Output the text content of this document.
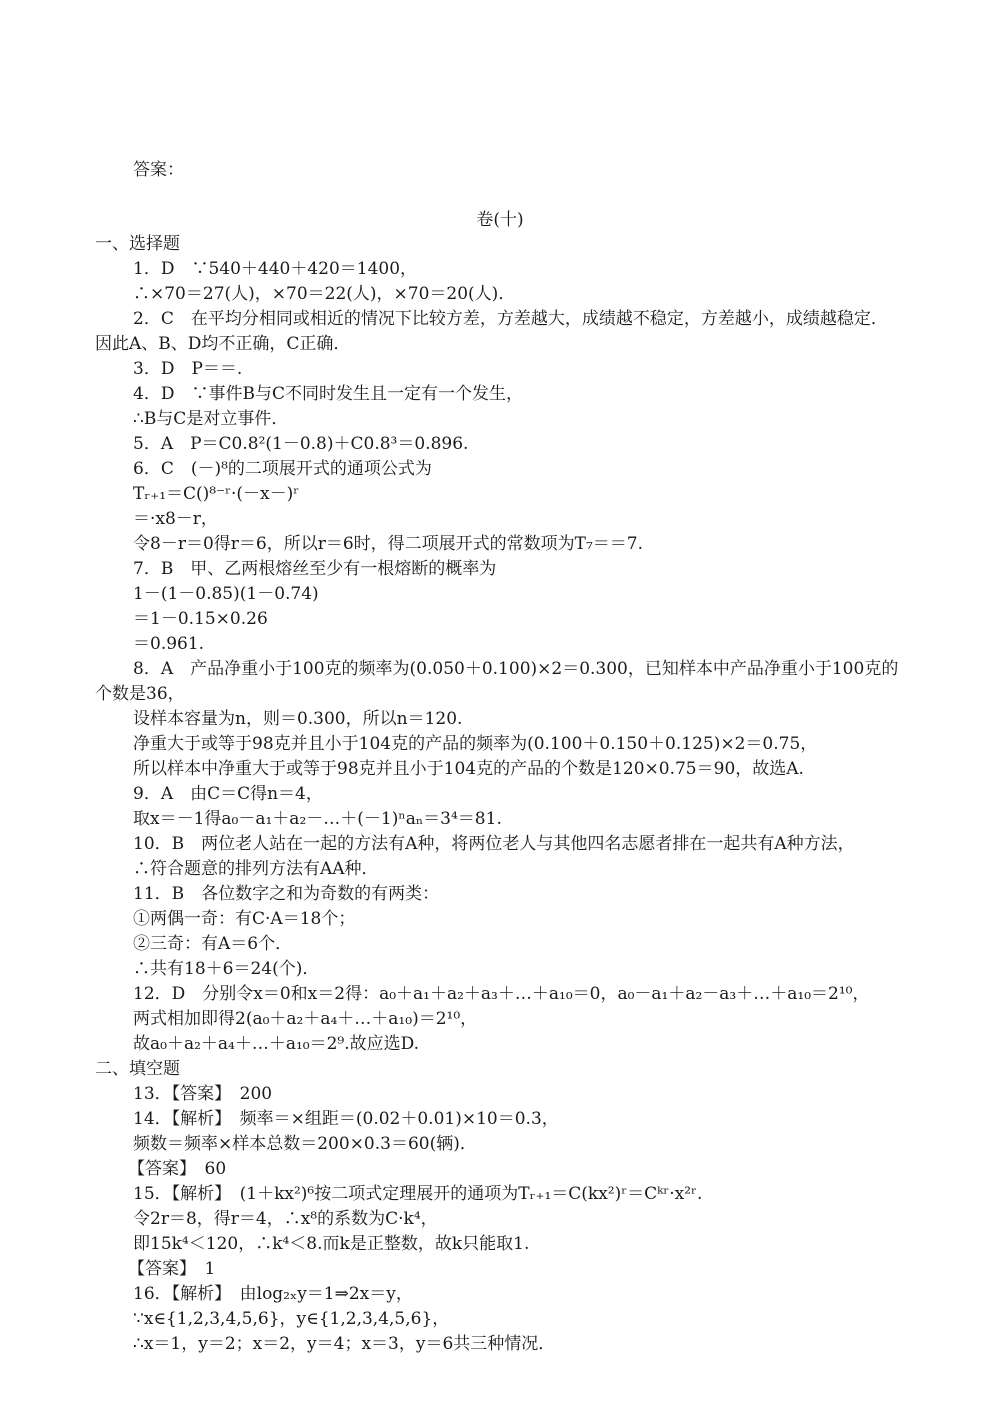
答案：
卷(十)
一、选择题
1．D　∵540＋440＋420＝1400，
∴×70＝27(人)，×70＝22(人)，×70＝20(人)．
2．C　在平均分相同或相近的情况下比较方差，方差越大，成绩越不稳定，方差越小，成绩越稳定．
因此A、B、D均不正确，C正确．
3．D　P＝＝.
4．D　∵事件B与C不同时发生且一定有一个发生，
∴B与C是对立事件．
5．A　P＝C0.8²(1－0.8)＋C0.8³＝0.896.
6．C　(－)⁸的二项展开式的通项公式为
Tᵣ₊₁＝C()⁸⁻ʳ·(－x－)ʳ
＝·x8－r，
令8－r＝0得r＝6，所以r＝6时，得二项展开式的常数项为T₇＝＝7.
7．B　甲、乙两根熔丝至少有一根熔断的概率为
1－(1－0.85)(1－0.74)
＝1－0.15×0.26
＝0.961.
8．A　产品净重小于100克的频率为(0.050＋0.100)×2＝0.300，已知样本中产品净重小于100克的
个数是36，
设样本容量为n，则＝0.300，所以n＝120.
净重大于或等于98克并且小于104克的产品的频率为(0.100＋0.150＋0.125)×2＝0.75，
所以样本中净重大于或等于98克并且小于104克的产品的个数是120×0.75＝90，故选A.
9．A　由C＝C得n＝4，
取x＝－1得a₀－a₁＋a₂－…＋(－1)ⁿaₙ＝3⁴＝81.
10．B　两位老人站在一起的方法有A种，将两位老人与其他四名志愿者排在一起共有A种方法，
∴符合题意的排列方法有AA种．
11．B　各位数字之和为奇数的有两类：
①两偶一奇：有C·A＝18个；
②三奇：有A＝6个．
∴共有18＋6＝24(个)．
12．D　分别令x＝0和x＝2得：a₀＋a₁＋a₂＋a₃＋…＋a₁₀＝0，a₀－a₁＋a₂－a₃＋…＋a₁₀＝2¹⁰，
两式相加即得2(a₀＋a₂＋a₄＋…＋a₁₀)＝2¹⁰，
故a₀＋a₂＋a₄＋…＋a₁₀＝2⁹.故应选D.
二、填空题
13．【答案】　200
14．【解析】　频率＝×组距＝(0.02＋0.01)×10＝0.3，
频数＝频率×样本总数＝200×0.3＝60(辆)．
【答案】　60
15．【解析】　(1＋kx²)⁶按二项式定理展开的通项为Tᵣ₊₁＝C(kx²)ʳ＝Cᵏʳ·x²ʳ.
令2r＝8，得r＝4，∴x⁸的系数为C·k⁴，
即15k⁴＜120，∴k⁴＜8.而k是正整数，故k只能取1.
【答案】　1
16．【解析】　由log₂ₓy＝1⇒2x＝y，
∵x∈{1,2,3,4,5,6}，y∈{1,2,3,4,5,6}，
∴x＝1，y＝2；x＝2，y＝4；x＝3，y＝6共三种情况．
